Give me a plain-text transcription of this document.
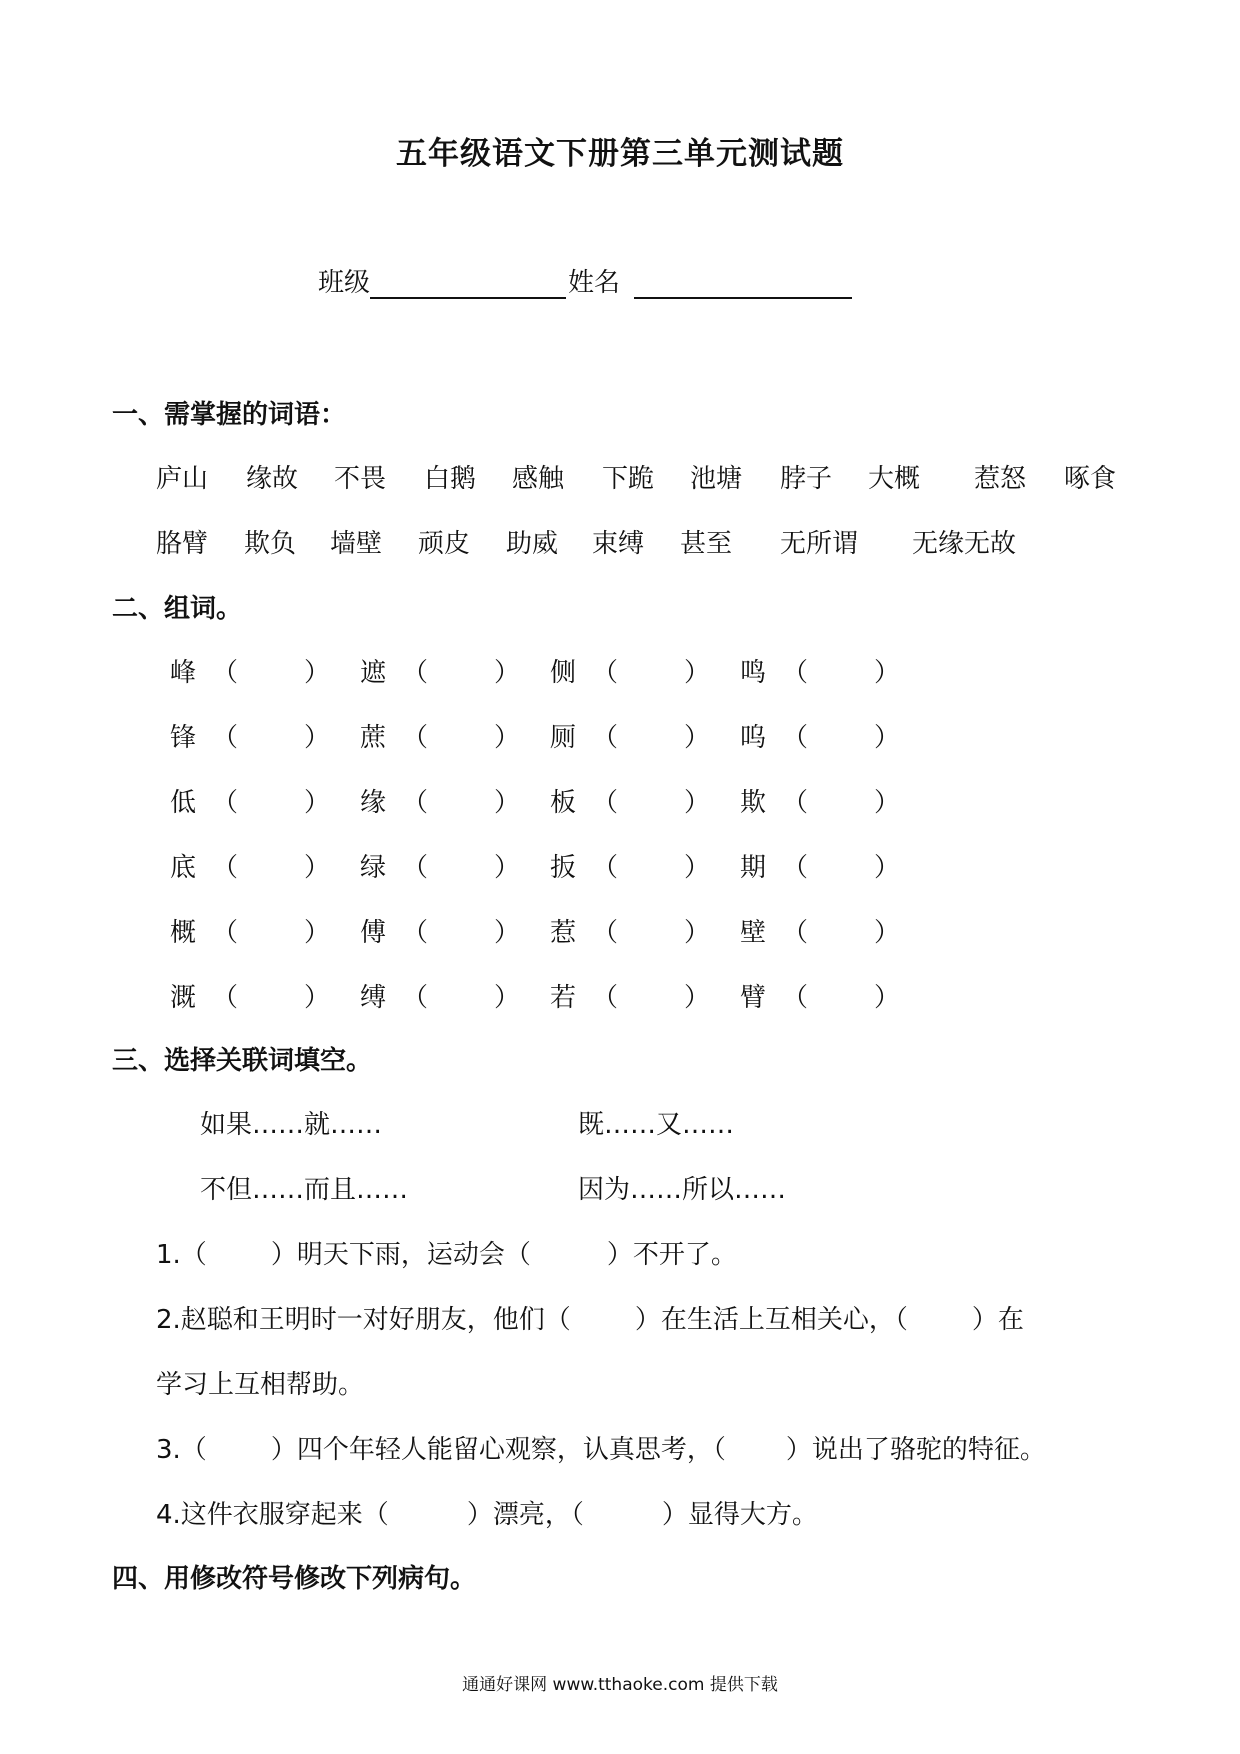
五年级语文下册第三单元测试题
班级	姓名
一、需掌握的词语：
庐山 缘故 不畏 白鹅 感触 下跪 池塘 脖子 大概 惹怒 啄食
胳臂 欺负 墙壁 顽皮 助威 束缚 甚至 无所谓 无缘无故
二、组词。
峰 （	） 遮 （	） 侧 （	） 鸣 （	）
锋 （	） 蔗 （	） 厕 （	） 呜 （	）
低 （	） 缘 （	） 板 （	） 欺 （	）
底 （	） 绿 （	） 扳 （	） 期 （	）
概 （	） 傅 （	） 惹 （	） 壁 （	）
溉 （	） 缚 （	） 若 （	） 臂 （	）
三、选择关联词填空。
如果……就……	既……又……
不但……而且……	因为……所以……
1.（ ）明天下雨，运动会（	）不开了。
2.赵聪和王明时一对好朋友，他们（ ）在生活上互相关心，（ ）在
学习上互相帮助。
3.（ ）四个年轻人能留心观察，认真思考，（ ）说出了骆驼的特征。
4.这件衣服穿起来（	）漂亮，（	）显得大方。
四、用修改符号修改下列病句。
通通好课网 www.tthaoke.com 提供下载
